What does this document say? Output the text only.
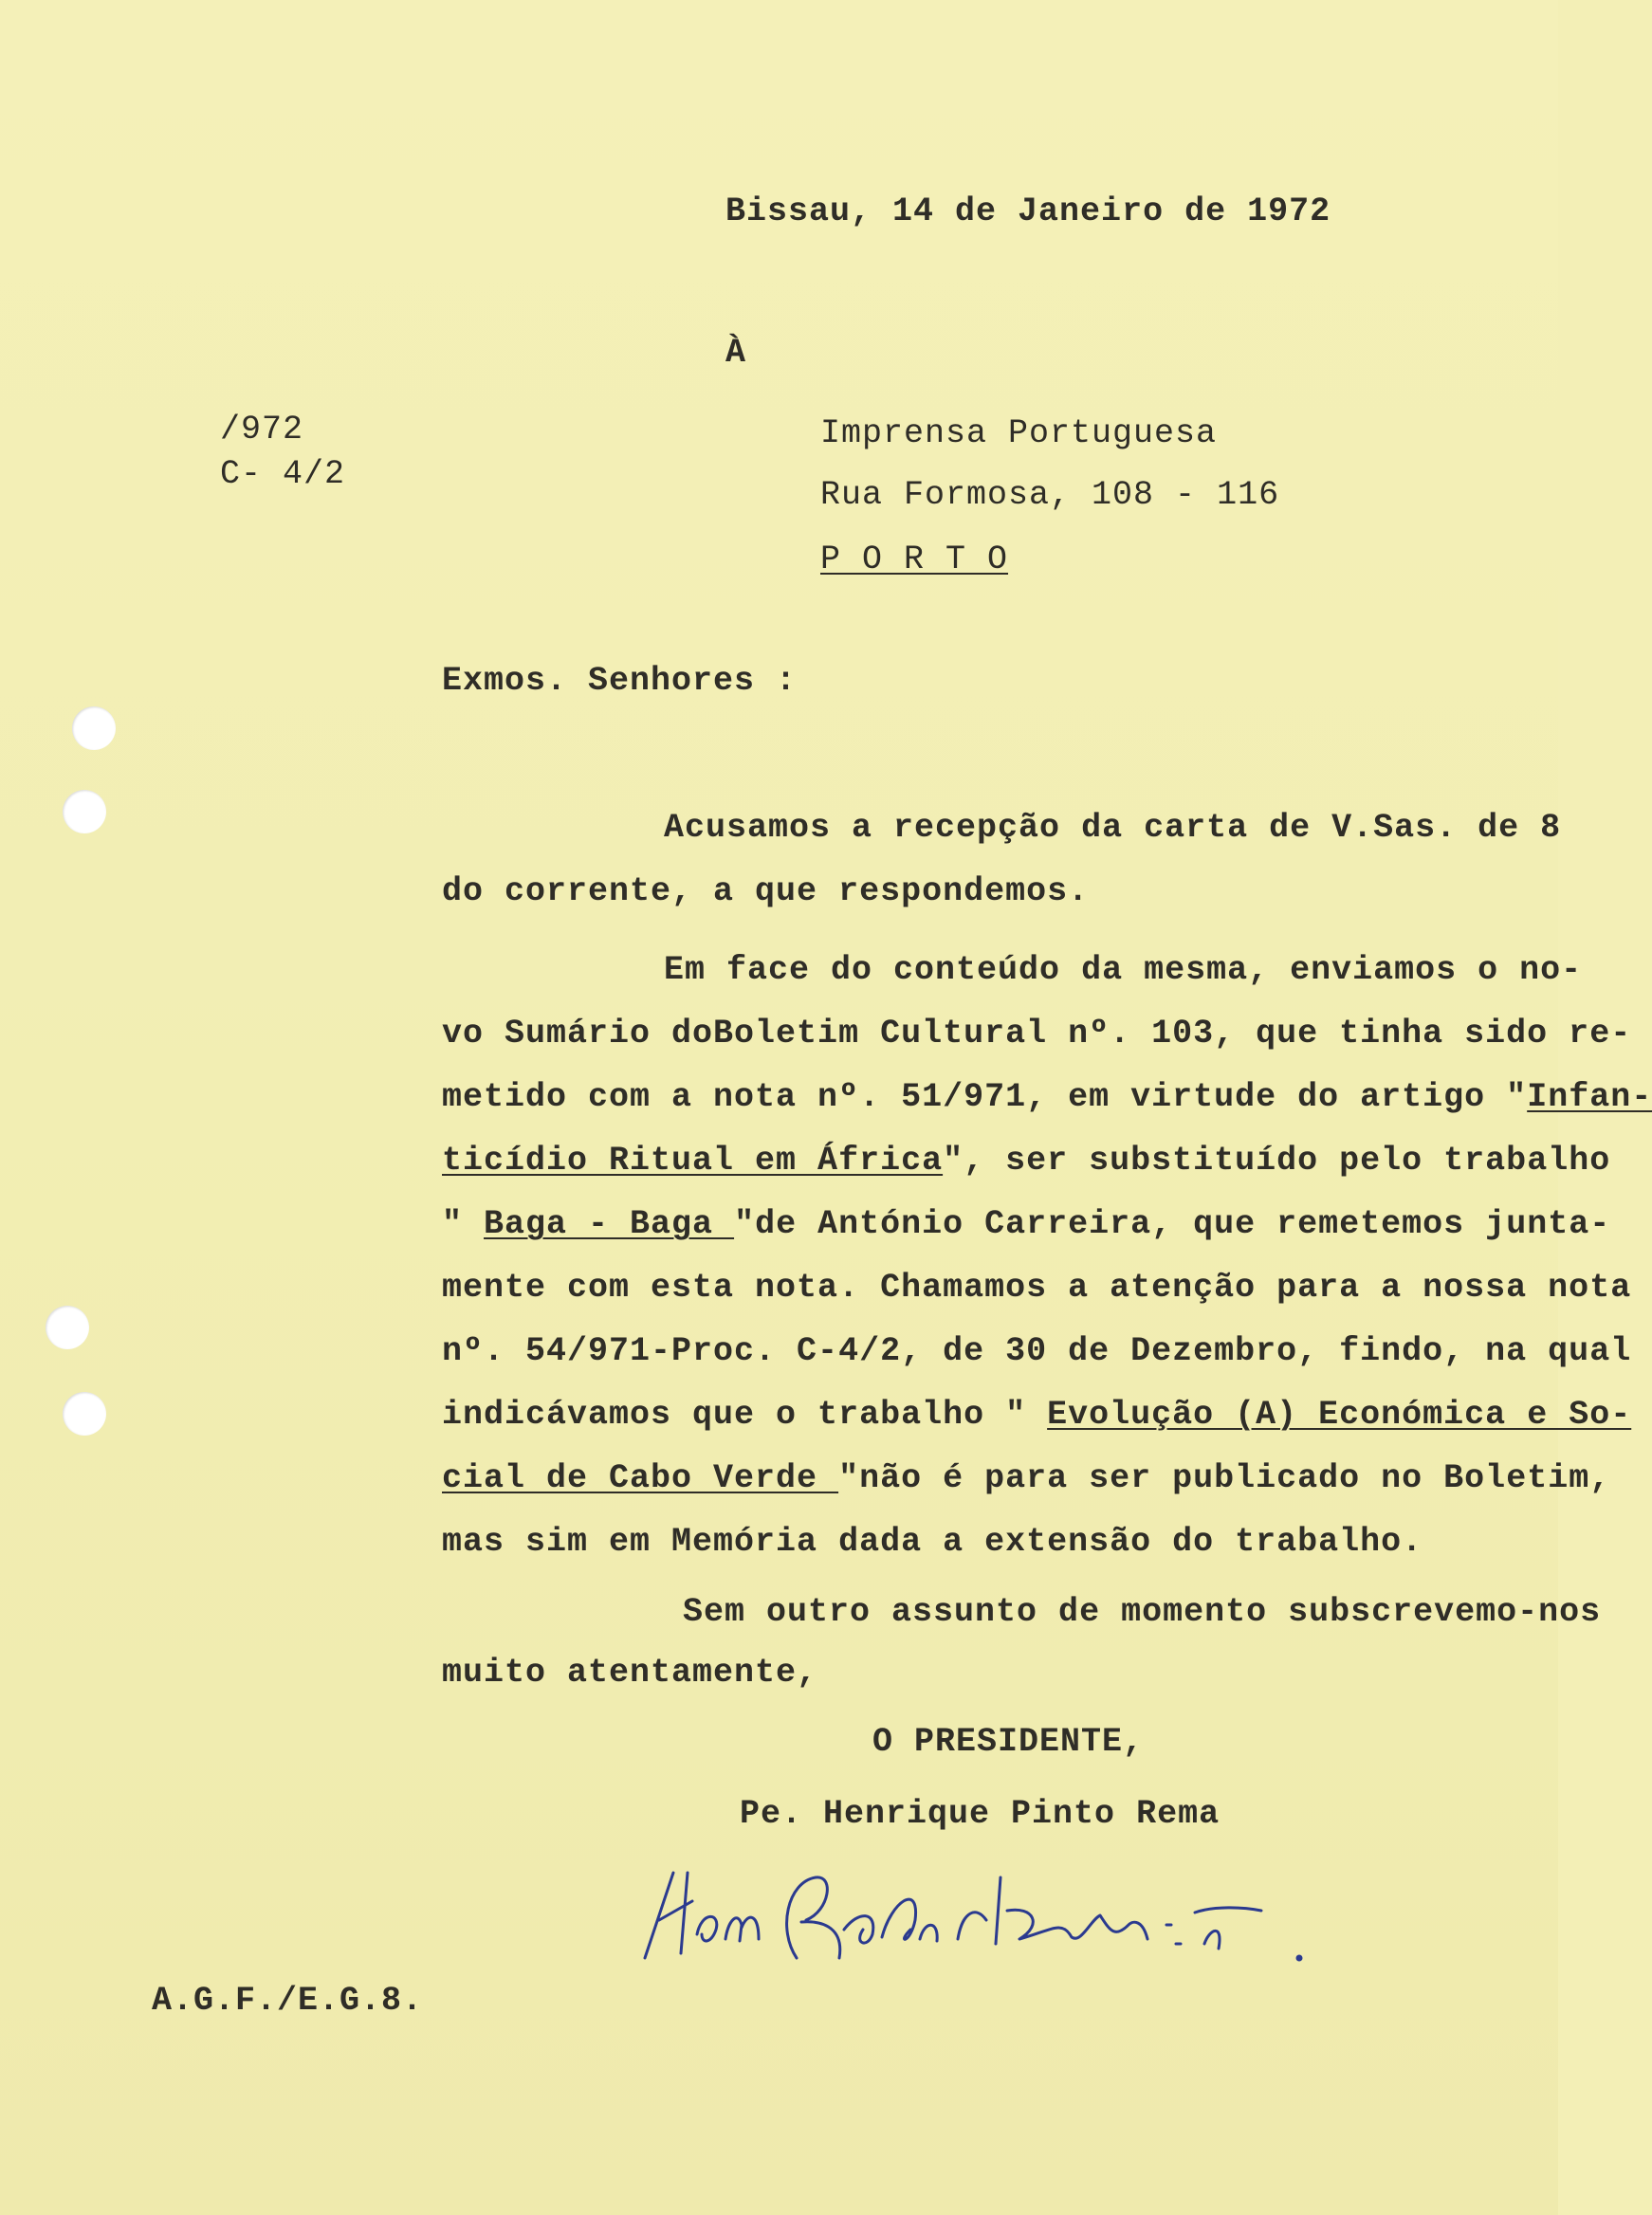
Bissau, 14 de Janeiro de 1972
À
/972
C- 4/2
Imprensa Portuguesa
Rua Formosa, 108 - 116
P O R T O
Exmos. Senhores :
Acusamos a recepção da carta de V.Sas. de 8
do corrente, a que respondemos.
Em face do conteúdo da mesma, enviamos o no-
vo Sumário doBoletim Cultural nº. 103, que tinha sido re-
metido com a nota nº. 51/971, em virtude do artigo "Infan-
ticídio Ritual em África", ser substituído pelo trabalho
" Baga - Baga "de António Carreira, que remetemos junta-
mente com esta nota. Chamamos a atenção para a nossa nota
nº. 54/971-Proc. C-4/2, de 30 de Dezembro, findo, na qual
indicávamos que o trabalho " Evolução (A) Económica e So-
cial de Cabo Verde "não é para ser publicado no Boletim,
mas sim em Memória dada a extensão do trabalho.
Sem outro assunto de momento subscrevemo-nos
muito atentamente,
O PRESIDENTE,
Pe. Henrique Pinto Rema
A.G.F./E.G.8.
